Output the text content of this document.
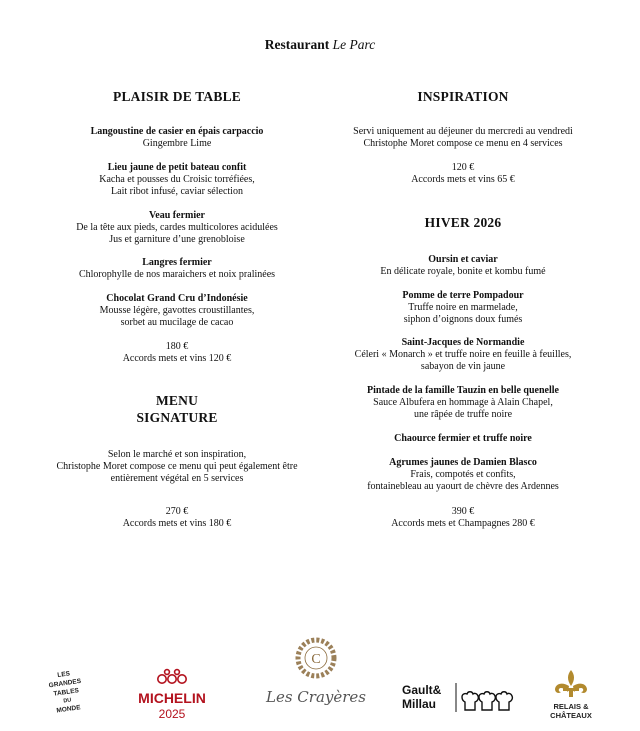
Restaurant Le Parc
PLAISIR DE TABLE
Langoustine de casier en épais carpaccio
Gingembre Lime
Lieu jaune de petit bateau confit
Kacha et pousses du Croisic torréfiées,
Lait ribot infusé, caviar sélection
Veau fermier
De la tête aux pieds, cardes multicolores acidulées
Jus et garniture d’une grenobloise
Langres fermier
Chlorophylle de nos maraichers et noix pralinées
Chocolat Grand Cru d’Indonésie
Mousse légère, gavottes croustillantes,
sorbet au mucilage de cacao
180 €
Accords mets et vins 120 €
MENU
SIGNATURE
Selon le marché et son inspiration,
Christophe Moret compose ce menu qui peut également être
entièrement végétal en 5 services
270 €
Accords mets et vins 180 €
INSPIRATION
Servi uniquement au déjeuner du mercredi au vendredi
Christophe Moret compose ce menu en 4 services
120 €
Accords mets et vins 65 €
HIVER 2026
Oursin et caviar
En délicate royale, bonite et kombu fumé
Pomme de terre Pompadour
Truffe noire en marmelade,
siphon d’oignons doux fumés
Saint-Jacques de Normandie
Céleri « Monarch » et truffe noire en feuille à feuilles,
sabayon de vin jaune
Pintade de la famille Tauzin en belle quenelle
Sauce Albufera en hommage à Alain Chapel,
une râpée de truffe noire
Chaource fermier et truffe noire
Agrumes jaunes de Damien Blasco
Frais, compotés et confits,
fontainebleau au yaourt de chèvre des Ardennes
390 €
Accords mets et Champagnes 280 €
LES
GRANDES
TABLES
DU
MONDE
MICHELIN
2025
C
Les Crayères	Gault&
Millau	RELAIS &
CHÂTEAUX
